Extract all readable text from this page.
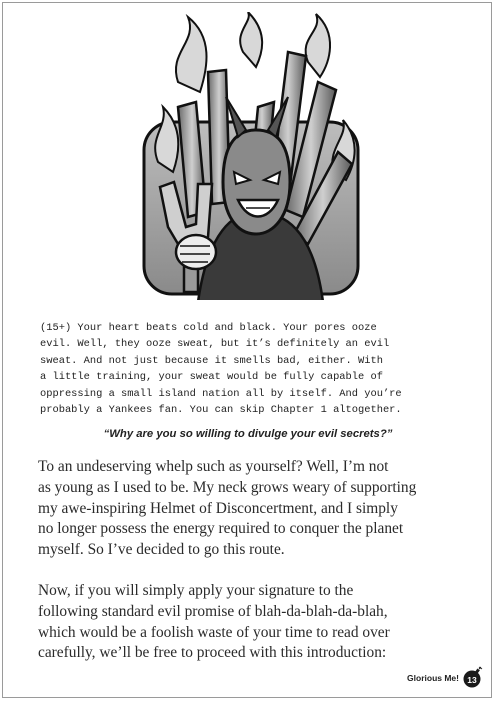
(15+) Your heart beats cold and black. Your pores ooze
evil. Well, they ooze sweat, but it’s definitely an evil
sweat. And not just because it smells bad, either. With
a little training, your sweat would be fully capable of
oppressing a small island nation all by itself. And you’re
probably a Yankees fan. You can skip Chapter 1 altogether.
“Why are you so willing to divulge your evil secrets?”
To an undeserving whelp such as yourself? Well, I’m not
as young as I used to be. My neck grows weary of supporting
my awe-inspiring Helmet of Disconcertment, and I simply
no longer possess the energy required to conquer the planet
myself. So I’ve decided to go this route.
Now, if you will simply apply your signature to the
following standard evil promise of blah-da-blah-da-blah,
which would be a foolish waste of your time to read over
carefully, we’ll be free to proceed with this introduction:
Glorious Me! 13
